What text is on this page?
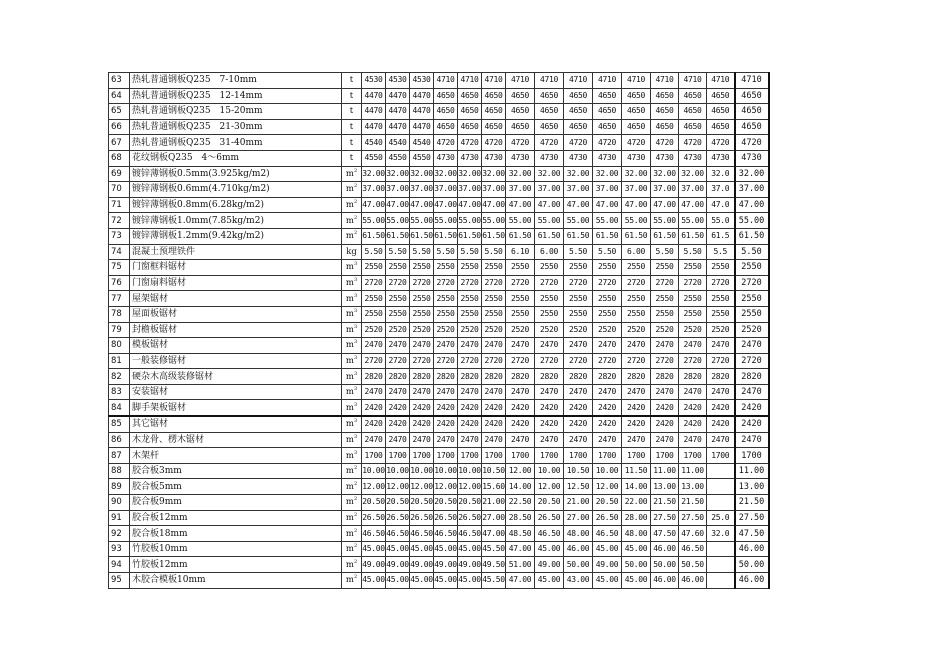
63	热轧普通钢板Q235　7-10mm	t	4530	4530	4530	4710	4710	4710	4710	4710	4710	4710	4710	4710	4710	4710	4710
64	热轧普通钢板Q235　12-14mm	t	4470	4470	4470	4650	4650	4650	4650	4650	4650	4650	4650	4650	4650	4650	4650
65	热轧普通钢板Q235　15-20mm	t	4470	4470	4470	4650	4650	4650	4650	4650	4650	4650	4650	4650	4650	4650	4650
66	热轧普通钢板Q235　21-30mm	t	4470	4470	4470	4650	4650	4650	4650	4650	4650	4650	4650	4650	4650	4650	4650
67	热轧普通钢板Q235　31-40mm	t	4540	4540	4540	4720	4720	4720	4720	4720	4720	4720	4720	4720	4720	4720	4720
68	花纹钢板Q235　4～6mm	t	4550	4550	4550	4730	4730	4730	4730	4730	4730	4730	4730	4730	4730	4730	4730
69	镀锌薄钢板0.5mm(3.925kg/m2)	$m^2$	32.00	32.00	32.00	32.00	32.00	32.00	32.00	32.00	32.00	32.00	32.00	32.00	32.00	32.0	32.00
70	镀锌薄钢板0.6mm(4.710kg/m2)	$m^2$	37.00	37.00	37.00	37.00	37.00	37.00	37.00	37.00	37.00	37.00	37.00	37.00	37.00	37.0	37.00
71	镀锌薄钢板0.8mm(6.28kg/m2)	$m^2$	47.00	47.00	47.00	47.00	47.00	47.00	47.00	47.00	47.00	47.00	47.00	47.00	47.00	47.0	47.00
72	镀锌薄钢板1.0mm(7.85kg/m2)	$m^2$	55.00	55.00	55.00	55.00	55.00	55.00	55.00	55.00	55.00	55.00	55.00	55.00	55.00	55.0	55.00
73	镀锌薄钢板1.2mm(9.42kg/m2)	$m^2$	61.50	61.50	61.50	61.50	61.50	61.50	61.50	61.50	61.50	61.50	61.50	61.50	61.50	61.5	61.50
74	混凝土预埋铁件	kg	5.50	5.50	5.50	5.50	5.50	5.50	6.10	6.00	5.50	5.50	6.00	5.50	5.50	5.5	5.50
75	门窗框料锯材	$m^3$	2550	2550	2550	2550	2550	2550	2550	2550	2550	2550	2550	2550	2550	2550	2550
76	门窗扇料锯材	$m^3$	2720	2720	2720	2720	2720	2720	2720	2720	2720	2720	2720	2720	2720	2720	2720
77	屋架锯材	$m^3$	2550	2550	2550	2550	2550	2550	2550	2550	2550	2550	2550	2550	2550	2550	2550
78	屋面板锯材	$m^3$	2550	2550	2550	2550	2550	2550	2550	2550	2550	2550	2550	2550	2550	2550	2550
79	封檐板锯材	$m^3$	2520	2520	2520	2520	2520	2520	2520	2520	2520	2520	2520	2520	2520	2520	2520
80	模板锯材	$m^3$	2470	2470	2470	2470	2470	2470	2470	2470	2470	2470	2470	2470	2470	2470	2470
81	一般装修锯材	$m^3$	2720	2720	2720	2720	2720	2720	2720	2720	2720	2720	2720	2720	2720	2720	2720
82	硬杂木高级装修锯材	$m^3$	2820	2820	2820	2820	2820	2820	2820	2820	2820	2820	2820	2820	2820	2820	2820
83	安装锯材	$m^3$	2470	2470	2470	2470	2470	2470	2470	2470	2470	2470	2470	2470	2470	2470	2470
84	脚手架板锯材	$m^3$	2420	2420	2420	2420	2420	2420	2420	2420	2420	2420	2420	2420	2420	2420	2420
85	其它锯材	$m^3$	2420	2420	2420	2420	2420	2420	2420	2420	2420	2420	2420	2420	2420	2420	2420
86	木龙骨、楞木锯材	$m^3$	2470	2470	2470	2470	2470	2470	2470	2470	2470	2470	2470	2470	2470	2470	2470
87	木架杆	$m^3$	1700	1700	1700	1700	1700	1700	1700	1700	1700	1700	1700	1700	1700	1700	1700
88	胶合板3mm	$m^2$	10.00	10.00	10.00	10.00	10.00	10.50	12.00	10.00	10.50	10.00	11.50	11.00	11.00		11.00
89	胶合板5mm	$m^2$	12.00	12.00	12.00	12.00	12.00	15.60	14.00	12.00	12.50	12.00	14.00	13.00	13.00		13.00
90	胶合板9mm	$m^2$	20.50	20.50	20.50	20.50	20.50	21.00	22.50	20.50	21.00	20.50	22.00	21.50	21.50		21.50
91	胶合板12mm	$m^2$	26.50	26.50	26.50	26.50	26.50	27.00	28.50	26.50	27.00	26.50	28.00	27.50	27.50	25.0	27.50
92	胶合板18mm	$m^2$	46.50	46.50	46.50	46.50	46.50	47.00	48.50	46.50	48.00	46.50	48.00	47.50	47.60	32.0	47.50
93	竹胶板10mm	$m^2$	45.00	45.00	45.00	45.00	45.00	45.50	47.00	45.00	46.00	45.00	45.00	46.00	46.50		46.00
94	竹胶板12mm	$m^2$	49.00	49.00	49.00	49.00	49.00	49.50	51.00	49.00	50.00	49.00	50.00	50.00	50.50		50.00
95	木胶合模板10mm	$m^2$	45.00	45.00	45.00	45.00	45.00	45.50	47.00	45.00	43.00	45.00	45.00	46.00	46.00		46.00
